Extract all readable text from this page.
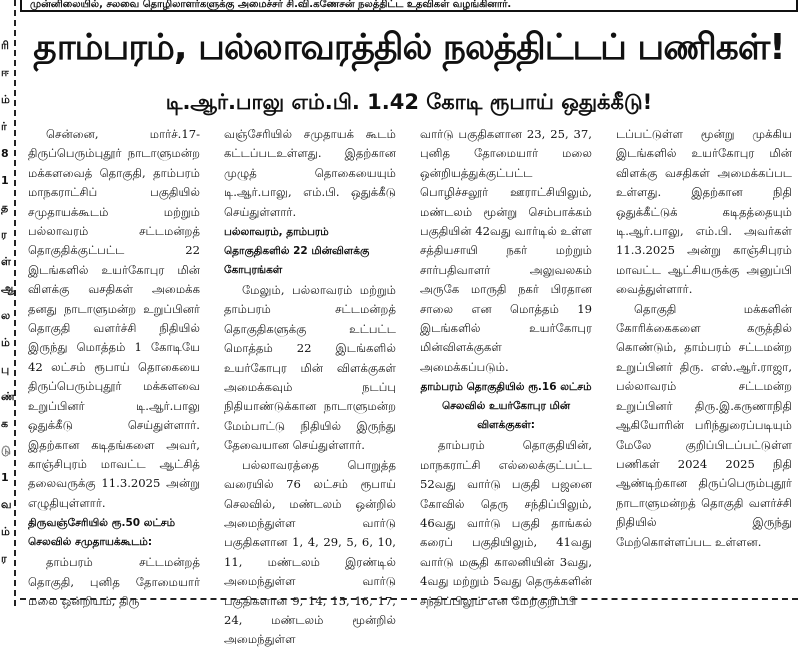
ரி
ஈ
ம்
ர்
8
1
த
ர
ள்
ஆ
ல
ம்
பு
ண்
க
டு
1
வ
ம்
ர
முன்னிலையில், சலவை தொழிலாளர்களுக்கு அமைச்சர் சி.வி.கணேசன் நலத்திட்ட உதவிகள் வழங்கினார்.
தாம்பரம், பல்லாவரத்தில் நலத்திட்டப் பணிகள்!
டி.ஆர்.பாலு எம்.பி. 1.42 கோடி ரூபாய் ஒதுக்கீடு!

சென்னை, மார்ச்.17- திருப்பெரும்புதூர் நாடாளுமன்ற மக்களவைத் தொகுதி, தாம்பரம் மாநகராட்சிப் பகுதியில் சமுதாயக்கூடம் மற்றும் பல்லாவரம் சட்டமன்றத் தொகுதிக்குட்பட்ட 22 இடங்களில் உயர்கோபுர மின் விளக்கு வசதிகள் அமைக்க தனது நாடாளுமன்ற உறுப்பினர் தொகுதி வளர்ச்சி நிதியில் இருந்து மொத்தம் 1 கோடியே 42 லட்சம் ரூபாய் தொகையை திருப்பெரும்புதூர் மக்களவை உறுப்பினர் டி.ஆர்.பாலு ஒதுக்கீடு செய்துள்ளார். இதற்கான கடிதங்களை அவர், காஞ்சிபுரம் மாவட்ட ஆட்சித் தலைவருக்கு 11.3.2025 அன்று எழுதியுள்ளார்.

திருவஞ்சேரியில் ரூ.50 லட்சம் செலவில் சமுதாயக்கூடம்:

தாம்பரம் சட்டமன்றத் தொகுதி, புனித தோமையார் மலை ஒன்றியம், திரு

வஞ்சேரியில் சமுதாயக் கூடம் கட்டப்படஉள்ளது. இதற்கான முழுத் தொகையையும் டி.ஆர்.பாலு, எம்.பி. ஒதுக்கீடு செய்துள்ளார்.

பல்லாவரம், தாம்பரம் தொகுதிகளில் 22 மின்விளக்கு கோபுரங்கள்

மேலும், பல்லாவரம் மற்றும் தாம்பரம் சட்டமன்றத் தொகுதிகளுக்கு உட்பட்ட மொத்தம் 22 இடங்களில் உயர்கோபுர மின் விளக்குகள் அமைக்கவும் நடப்பு நிதியாண்டுக்கான நாடாளுமன்ற மேம்பாட்டு நிதியில் இருந்து தேவையான செய்துள்ளார்.

பல்லாவரத்தை பொறுத்த வரையில் 76 லட்சம் ரூபாய் செலவில், மண்டலம் ஒன்றில் அமைந்துள்ள வார்டு பகுதிகளான 1, 4, 29, 5, 6, 10, 11, மண்டலம் இரண்டில் அமைந்துள்ள வார்டு பகுதிகளான 9, 14, 15, 16, 17, 24, மண்டலம் மூன்றில் அமைந்துள்ள

வார்டு பகுதிகளான 23, 25, 37, புனித தோமையார் மலை ஒன்றியத்துக்குட்பட்ட பொழிச்சலூர் ஊராட்சியிலும், மண்டலம் மூன்று செம்பாக்கம் பகுதியின் 42வது வார்டில் உள்ள சத்தியசாயி நகர் மற்றும் சார்பதிவாளர் அலுவலகம் அருகே மாருதி நகர் பிரதான சாலை என மொத்தம் 19 இடங்களில் உயர்கோபுர மின்விளக்குகள் அமைக்கப்படும்.

தாம்பரம் தொகுதியில் ரூ.16 லட்சம் செலவில் உயர்கோபுர மின் விளக்குகள்:

தாம்பரம் தொகுதியின், மாநகராட்சி எல்லைக்குட்பட்ட 52வது வார்டு பகுதி பஜனை கோவில் தெரு சந்திப்பிலும், 46வது வார்டு பகுதி தாங்கல் கரைப் பகுதியிலும், 41வது வார்டு மசூதி காலனியின் 3வது, 4வது மற்றும் 5வது தெருக்களின் சந்திப்பிலும் என மேற்குறிப்பி

டப்பட்டுள்ள மூன்று முக்கிய இடங்களில் உயர்கோபுர மின் விளக்கு வசதிகள் அமைக்கப்பட உள்ளது. இதற்கான நிதி ஒதுக்கீட்டுக் கடிதத்தையும் டி.ஆர்.பாலு, எம்.பி. அவர்கள் 11.3.2025 அன்று காஞ்சிபுரம் மாவட்ட ஆட்சியருக்கு அனுப்பி வைத்துள்ளார்.

தொகுதி மக்களின் கோரிக்கைகளை கருத்தில் கொண்டும், தாம்பரம் சட்டமன்ற உறுப்பினர் திரு. எஸ்.ஆர்.ராஜா, பல்லாவரம் சட்டமன்ற உறுப்பினர் திரு.இ.கருணாநிதி ஆகியோரின் பரிந்துரைப்படியும் மேலே குறிப்பிடப்பட்டுள்ள பணிகள் 2024 2025 நிதி ஆண்டிற்கான திருப்பெரும்புதூர் நாடாளுமன்றத் தொகுதி வளர்ச்சி நிதியில் இருந்து மேற்கொள்ளப்பட உள்ளன.
